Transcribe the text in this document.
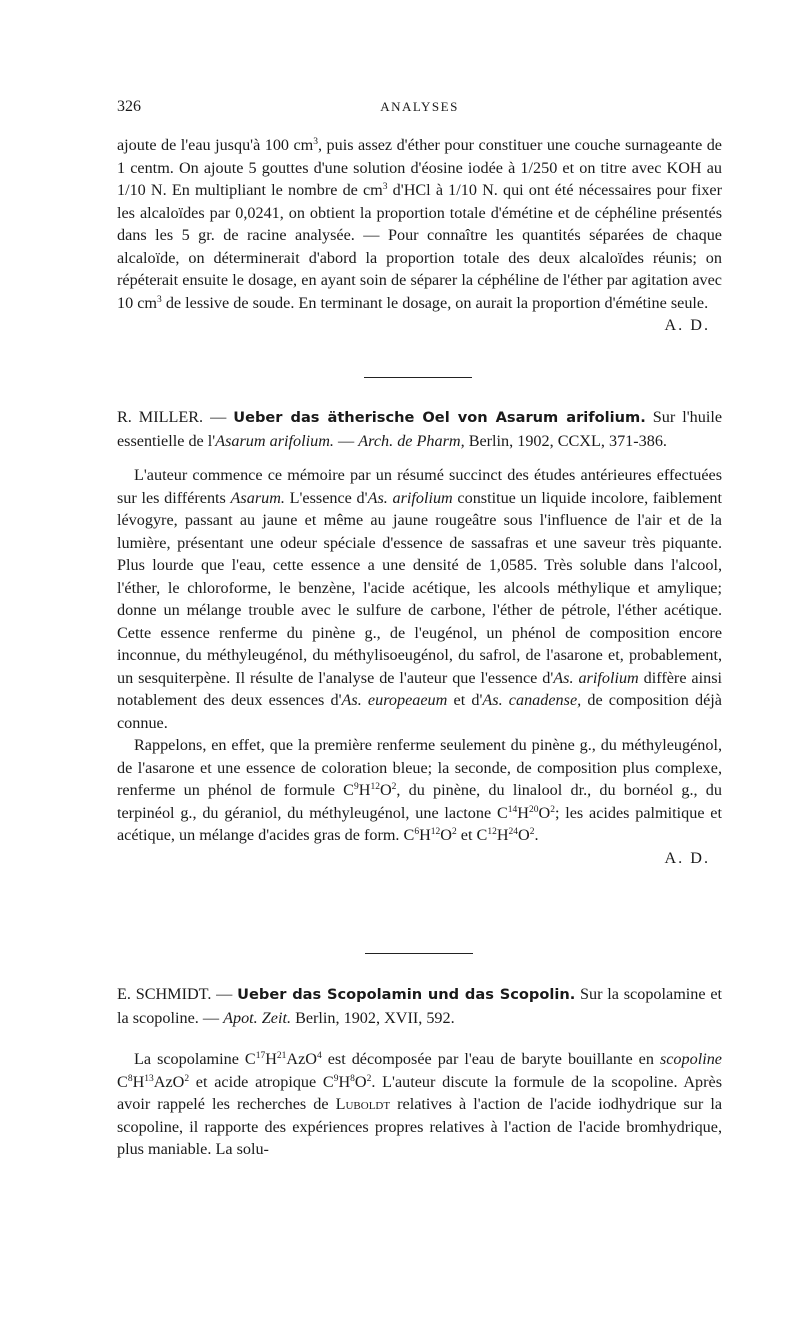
326	ANALYSES

ajoute de l'eau jusqu'à 100 $cm^3$, puis assez d'éther pour constituer une couche surnageante de 1 centm. On ajoute 5 gouttes d'une solution d'éosine iodée à 1/250 et on titre avec KOH au 1/10 N. En multipliant le nombre de $cm^3$ d'HCl à 1/10 N. qui ont été nécessaires pour fixer les alcaloïdes par 0,0241, on obtient la proportion totale d'émétine et de céphéline présentés dans les 5 gr. de racine analysée. — Pour connaître les quantités séparées de chaque alcaloïde, on déterminerait d'abord la proportion totale des deux alcaloïdes réunis; on répéterait ensuite le dosage, en ayant soin de séparer la céphéline de l'éther par agitation avec 10 $cm^3$ de lessive de soude. En terminant le dosage, on aurait la proportion d'émétine seule.

A. D.

R. MILLER. — Ueber das ätherische Oel von Asarum arifolium. Sur l'huile essentielle de l'Asarum arifolium. — Arch. de Pharm, Berlin, 1902, CCXL, 371-386.

L'auteur commence ce mémoire par un résumé succinct des études antérieures effectuées sur les différents Asarum. L'essence d'As. arifolium constitue un liquide incolore, faiblement lévogyre, passant au jaune et même au jaune rougeâtre sous l'influence de l'air et de la lumière, présentant une odeur spéciale d'essence de sassafras et une saveur très piquante. Plus lourde que l'eau, cette essence a une densité de 1,0585. Très soluble dans l'alcool, l'éther, le chloroforme, le benzène, l'acide acétique, les alcools méthylique et amylique; donne un mélange trouble avec le sulfure de carbone, l'éther de pétrole, l'éther acétique. Cette essence renferme du pinène g., de l'eugénol, un phénol de composition encore inconnue, du méthyleugénol, du méthylisoeugénol, du safrol, de l'asarone et, probablement, un sesquiterpène. Il résulte de l'analyse de l'auteur que l'essence d'As. arifolium diffère ainsi notablement des deux essences d'As. europeaeum et d'As. canadense, de composition déjà connue.

Rappelons, en effet, que la première renferme seulement du pinène g., du méthyleugénol, de l'asarone et une essence de coloration bleue; la seconde, de composition plus complexe, renferme un phénol de formule $C^9H^{12}O^2$, du pinène, du linalool dr., du bornéol g., du terpinéol g., du géraniol, du méthyleugénol, une lactone $C^{14}H^{20}O^2$; les acides palmitique et acétique, un mélange d'acides gras de form. $C^6H^{12}O^2$ et $C^{12}H^{24}O^2$.

A. D.

E. SCHMIDT. — Ueber das Scopolamin und das Scopolin. Sur la scopolamine et la scopoline. — Apot. Zeit. Berlin, 1902, XVII, 592.

La scopolamine $C^{17}H^{21}AzO^4$ est décomposée par l'eau de baryte bouillante en scopoline $C^8H^{13}AzO^2$ et acide atropique $C^9H^8O^2$. L'auteur discute la formule de la scopoline. Après avoir rappelé les recherches de Luboldt relatives à l'action de l'acide iodhydrique sur la scopoline, il rapporte des expériences propres relatives à l'action de l'acide bromhydrique, plus maniable. La solu-
